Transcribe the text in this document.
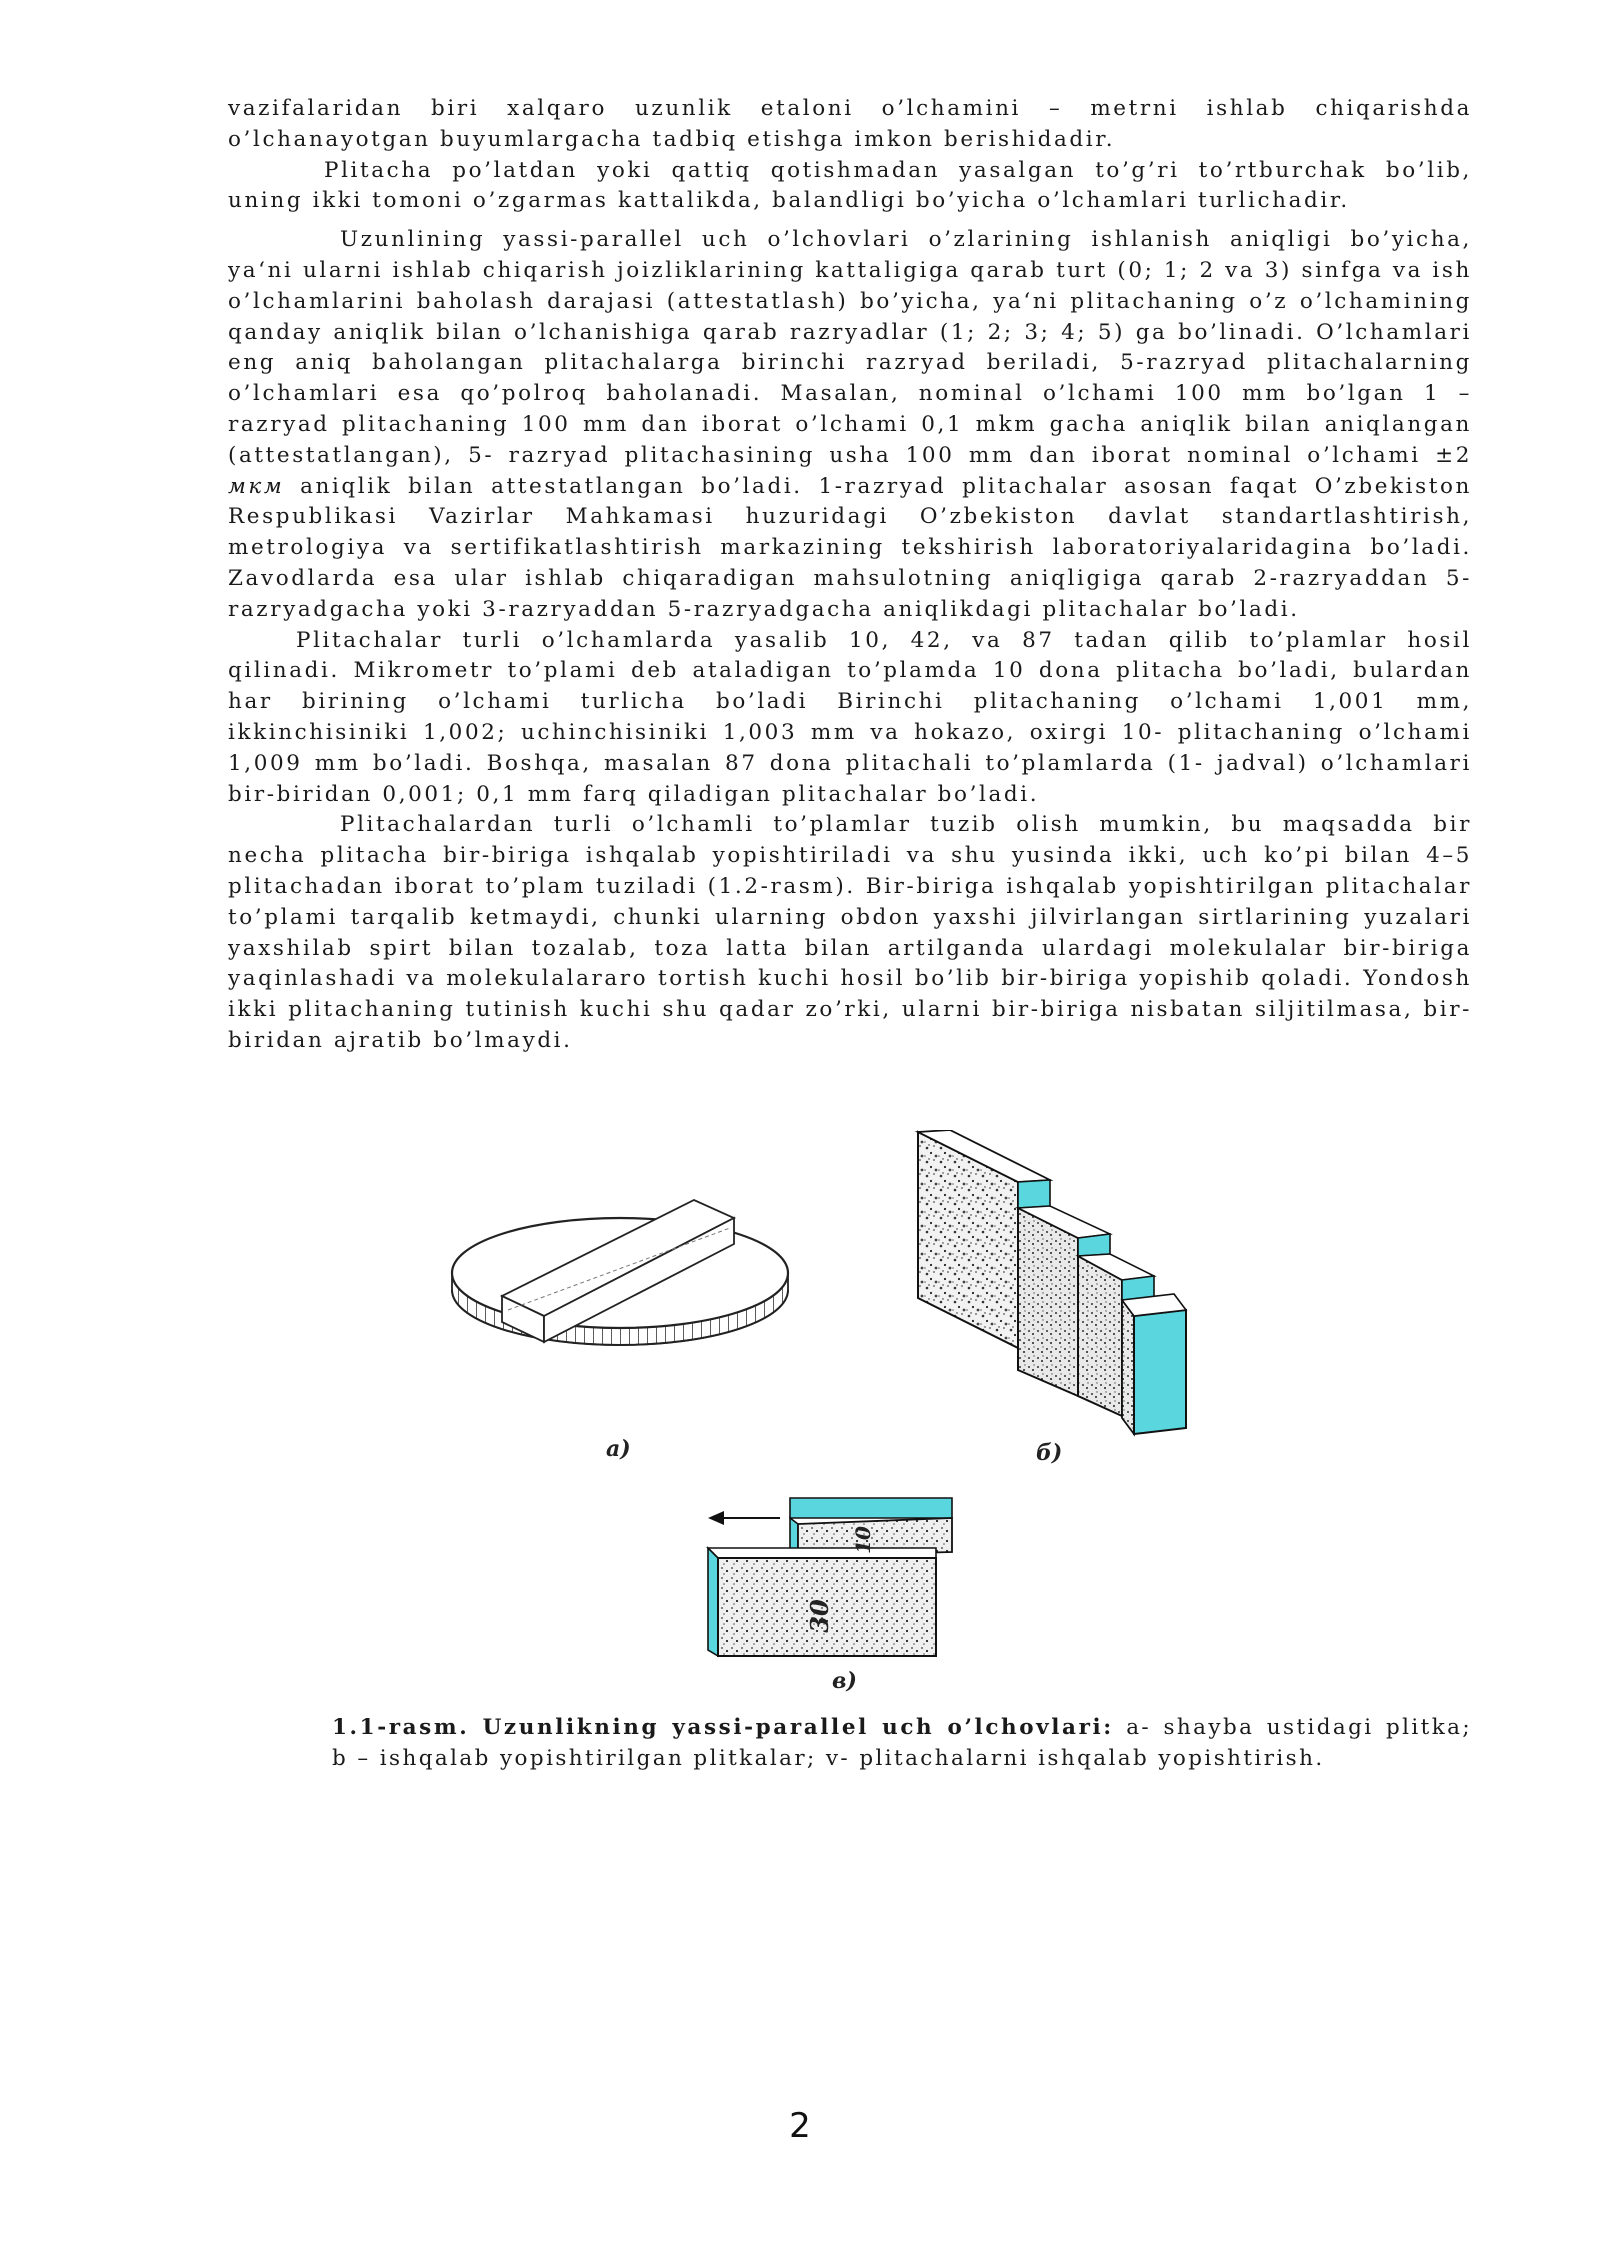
vazifalaridan biri xalqaro uzunlik etaloni o’lchamini – metrni ishlab chiqarishda o’lchanayotgan buyumlargacha tadbiq etishga imkon berishidadir.

Plitacha po’latdan yoki qattiq qotishmadan yasalgan to’g’ri to’rtburchak bo’lib, uning ikki tomoni o’zgarmas kattalikda, balandligi bo’yicha o’lchamlari turlichadir.

Uzunlining yassi-parallel uch o’lchovlari o’zlarining ishlanish aniqligi bo’yicha, ya‘ni ularni ishlab chiqarish joizliklarining kattaligiga qarab turt (0; 1; 2 va 3) sinfga va ish o’lchamlarini baholash darajasi (attestatlash) bo’yicha, ya‘ni plitachaning o’z o’lchamining qanday aniqlik bilan o’lchanishiga qarab razryadlar (1; 2; 3; 4; 5) ga bo’linadi. O’lchamlari eng aniq baholangan plitachalarga birinchi razryad beriladi, 5-razryad plitachalarning o’lchamlari esa qo’polroq baholanadi. Masalan, nominal o’lchami 100 mm bo’lgan 1 – razryad plitachaning 100 mm dan iborat o’lchami 0,1 mkm gacha aniqlik bilan aniqlangan (attestatlangan), 5- razryad plitachasining usha 100 mm dan iborat nominal o’lchami ±2 мкм aniqlik bilan attestatlangan bo’ladi. 1-razryad plitachalar asosan faqat O’zbekiston Respublikasi Vazirlar Mahkamasi huzuridagi O’zbekiston davlat standartlashtirish, metrologiya va sertifikatlashtirish markazining tekshirish laboratoriyalaridagina bo’ladi. Zavodlarda esa ular ishlab chiqaradigan mahsulotning aniqligiga qarab 2-razryaddan 5-razryadgacha yoki 3-razryaddan 5-razryadgacha aniqlikdagi plitachalar bo’ladi.

Plitachalar turli o’lchamlarda yasalib 10, 42, va 87 tadan qilib to’plamlar hosil qilinadi. Mikrometr to’plami deb ataladigan to’plamda 10 dona plitacha bo’ladi, bulardan har birining o’lchami turlicha bo’ladi Birinchi plitachaning o’lchami 1,001 mm, ikkinchisiniki 1,002; uchinchisiniki 1,003 mm va hokazo, oxirgi 10- plitachaning o’lchami 1,009 mm bo’ladi. Boshqa, masalan 87 dona plitachali to’plamlarda (1- jadval) o’lchamlari bir-biridan 0,001; 0,1 mm farq qiladigan plitachalar bo’ladi.

Plitachalardan turli o’lchamli to’plamlar tuzib olish mumkin, bu maqsadda bir necha plitacha bir-biriga ishqalab yopishtiriladi va shu yusinda ikki, uch ko’pi bilan 4–5 plitachadan iborat to’plam tuziladi (1.2-rasm). Bir-biriga ishqalab yopishtirilgan plitachalar to’plami tarqalib ketmaydi, chunki ularning obdon yaxshi jilvirlangan sirtlarining yuzalari yaxshilab spirt bilan tozalab, toza latta bilan artilganda ulardagi molekulalar bir-biriga yaqinlashadi va molekulalararo tortish kuchi hosil bo’lib bir-biriga yopishib qoladi. Yondosh ikki plitachaning tutinish kuchi shu qadar zo’rki, ularni bir-biriga nisbatan siljitilmasa, bir-biridan ajratib bo’lmaydi.

а)	б)
30
10
в)
1.1-rasm. Uzunlikning yassi-parallel uch o’lchovlari: a- shayba ustidagi plitka; b – ishqalab yopishtirilgan plitkalar; v- plitachalarni ishqalab yopishtirish.
2
